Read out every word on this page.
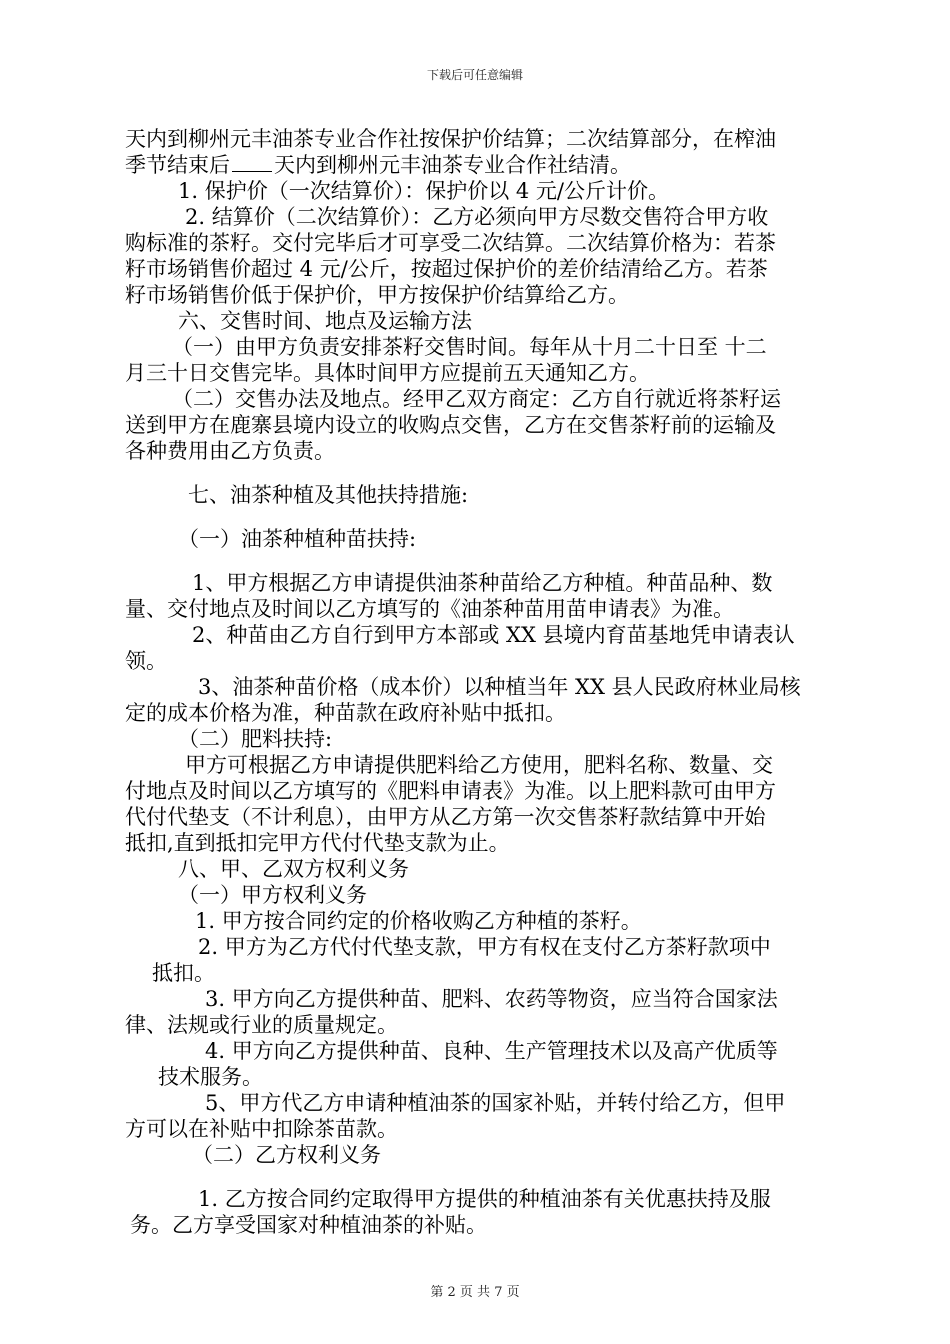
下载后可任意编辑
天内到柳州元丰油茶专业合作社按保护价结算；二次结算部分，在榨油
季节结束后 天内到柳州元丰油茶专业合作社结清。
1. 保护价（一次结算价）：保护价以 4 元/公斤计价。
2. 结算价（二次结算价）：乙方必须向甲方尽数交售符合甲方收
购标准的茶籽。交付完毕后才可享受二次结算。二次结算价格为：若茶
籽市场销售价超过 4 元/公斤，按超过保护价的差价结清给乙方。若茶
籽市场销售价低于保护价，甲方按保护价结算给乙方。
六、交售时间、地点及运输方法
（一）由甲方负责安排茶籽交售时间。每年从十月二十日至 十二
月三十日交售完毕。具体时间甲方应提前五天通知乙方。
（二）交售办法及地点。经甲乙双方商定：乙方自行就近将茶籽运
送到甲方在鹿寨县境内设立的收购点交售，乙方在交售茶籽前的运输及
各种费用由乙方负责。
七、油茶种植及其他扶持措施:
（一）油茶种植种苗扶持:
1、甲方根据乙方申请提供油茶种苗给乙方种植。种苗品种、数
量、交付地点及时间以乙方填写的《油茶种苗用苗申请表》为准。
2、种苗由乙方自行到甲方本部或 XX 县境内育苗基地凭申请表认
领。
3、油茶种苗价格（成本价）以种植当年 XX 县人民政府林业局核
定的成本价格为准，种苗款在政府补贴中抵扣。
（二）肥料扶持:
甲方可根据乙方申请提供肥料给乙方使用，肥料名称、数量、交
付地点及时间以乙方填写的《肥料申请表》为准。以上肥料款可由甲方
代付代垫支（不计利息），由甲方从乙方第一次交售茶籽款结算中开始
抵扣,直到抵扣完甲方代付代垫支款为止。
八、甲、乙双方权利义务
（一）甲方权利义务
1. 甲方按合同约定的价格收购乙方种植的茶籽。
2. 甲方为乙方代付代垫支款，甲方有权在支付乙方茶籽款项中
抵扣。
3. 甲方向乙方提供种苗、肥料、农药等物资，应当符合国家法
律、法规或行业的质量规定。
4. 甲方向乙方提供种苗、良种、生产管理技术以及高产优质等
技术服务。
5、甲方代乙方申请种植油茶的国家补贴，并转付给乙方，但甲
方可以在补贴中扣除茶苗款。
（二）乙方权利义务
1. 乙方按合同约定取得甲方提供的种植油茶有关优惠扶持及服
务。乙方享受国家对种植油茶的补贴。
第 2 页 共 7 页
